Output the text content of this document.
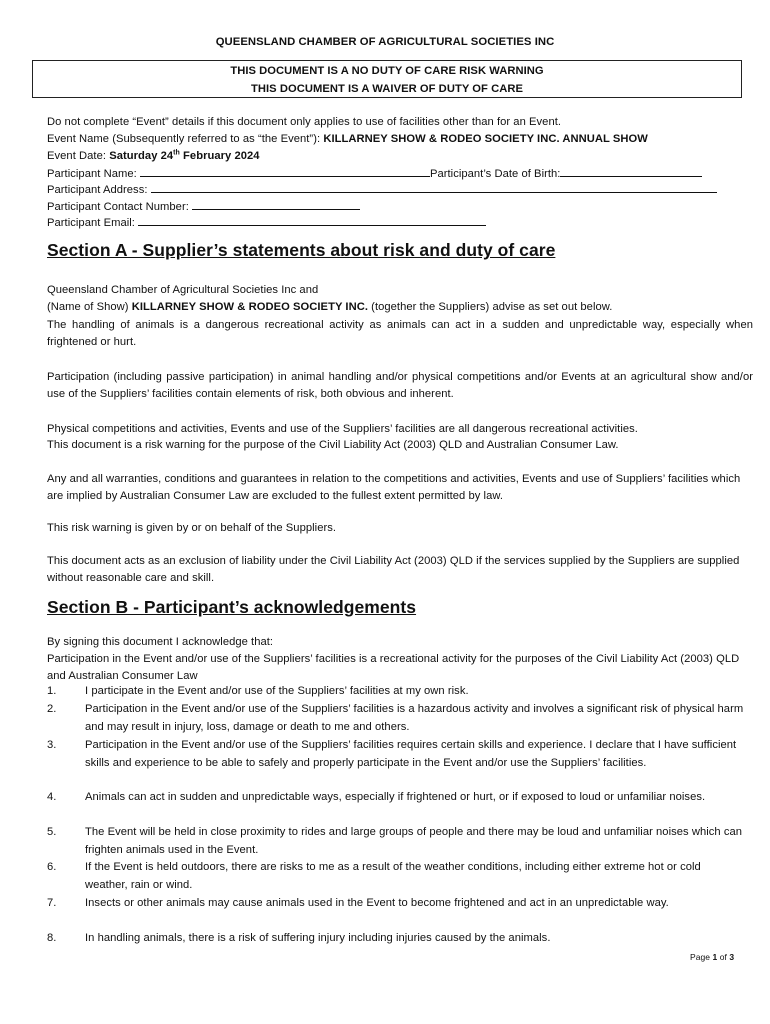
QUEENSLAND CHAMBER OF AGRICULTURAL SOCIETIES INC
THIS DOCUMENT IS A NO DUTY OF CARE RISK WARNING
THIS DOCUMENT IS A WAIVER OF DUTY OF CARE
Do not complete “Event” details if this document only applies to use of facilities other than for an Event.
Event Name (Subsequently referred to as “the Event”): KILLARNEY SHOW & RODEO SOCIETY INC. ANNUAL SHOW
Event Date: Saturday 24th February 2024
Participant Name:	Participant’s Date of Birth:
Participant Address:
Participant Contact Number:
Participant Email:
Section A - Supplier’s statements about risk and duty of care
Queensland Chamber of Agricultural Societies Inc and
(Name of Show) KILLARNEY SHOW & RODEO SOCIETY INC. (together the Suppliers) advise as set out below.
The handling of animals is a dangerous recreational activity as animals can act in a sudden and unpredictable way, especially when frightened or hurt.
Participation (including passive participation) in animal handling and/or physical competitions and/or Events at an agricultural show and/or use of the Suppliers’ facilities contain elements of risk, both obvious and inherent.
Physical competitions and activities, Events and use of the Suppliers’ facilities are all dangerous recreational activities.
This document is a risk warning for the purpose of the Civil Liability Act (2003) QLD and Australian Consumer Law.
Any and all warranties, conditions and guarantees in relation to the competitions and activities, Events and use of Suppliers’ facilities which are implied by Australian Consumer Law are excluded to the fullest extent permitted by law.
This risk warning is given by or on behalf of the Suppliers.
This document acts as an exclusion of liability under the Civil Liability Act (2003) QLD if the services supplied by the Suppliers are supplied without reasonable care and skill.
Section B - Participant’s acknowledgements
By signing this document I acknowledge that:
Participation in the Event and/or use of the Suppliers’ facilities is a recreational activity for the purposes of the Civil Liability Act (2003) QLD and Australian Consumer Law
1.	I participate in the Event and/or use of the Suppliers’ facilities at my own risk.
2.	Participation in the Event and/or use of the Suppliers’ facilities is a hazardous activity and involves a significant risk of physical harm and may result in injury, loss, damage or death to me and others.
3.	Participation in the Event and/or use of the Suppliers’ facilities requires certain skills and experience. I declare that I have sufficient skills and experience to be able to safely and properly participate in the Event and/or use the Suppliers’ facilities.
4.	Animals can act in sudden and unpredictable ways, especially if frightened or hurt, or if exposed to loud or unfamiliar noises.
5.	The Event will be held in close proximity to rides and large groups of people and there may be loud and unfamiliar noises which can frighten animals used in the Event.
6.	If the Event is held outdoors, there are risks to me as a result of the weather conditions, including either extreme hot or cold weather, rain or wind.
7.	Insects or other animals may cause animals used in the Event to become frightened and act in an unpredictable way.
8.	In handling animals, there is a risk of suffering injury including injuries caused by the animals.
Page 1 of 3
